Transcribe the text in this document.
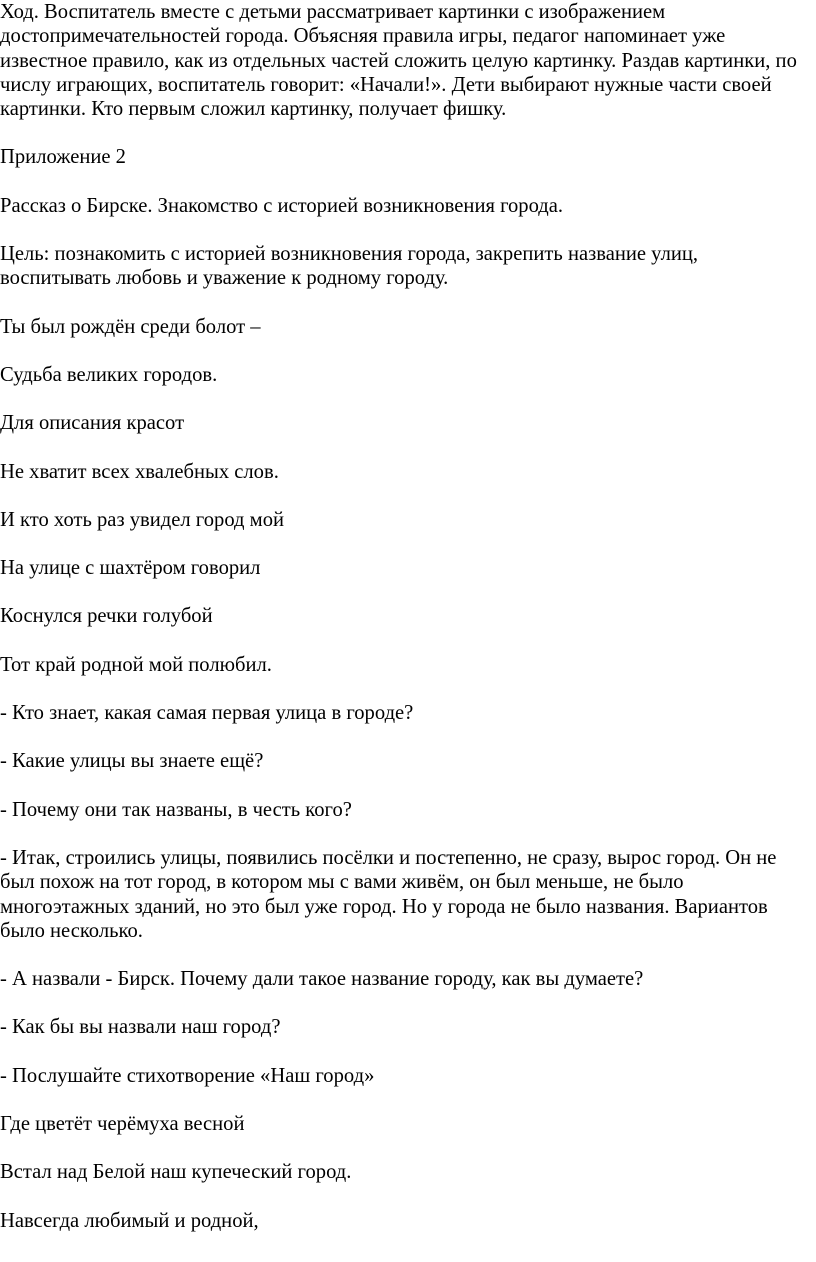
Ход. Воспитатель вместе с детьми рассматривает картинки с изображением достопримечательностей города. Объясняя правила игры, педагог напоминает уже известное правило, как из отдельных частей сложить целую картинку. Раздав картинки, по числу играющих, воспитатель говорит: «Начали!». Дети выбирают нужные части своей картинки. Кто первым сложил картинку, получает фишку.

Приложение 2

Рассказ о Бирске. Знакомство с историей возникновения города.

Цель: познакомить с историей возникновения города, закрепить название улиц, воспитывать любовь и уважение к родному городу.

Ты был рождён среди болот –

Судьба великих городов.

Для описания красот

Не хватит всех хвалебных слов.

И кто хоть раз увидел город мой

На улице с шахтёром говорил

Коснулся речки голубой

Тот край родной мой полюбил.

- Кто знает, какая самая первая улица в городе?

- Какие улицы вы знаете ещё?

- Почему они так названы, в честь кого?

- Итак, строились улицы, появились посёлки и постепенно, не сразу, вырос город. Он не был похож на тот город, в котором мы с вами живём, он был меньше, не было многоэтажных зданий, но это был уже город. Но у города не было названия. Вариантов было несколько.

- А назвали - Бирск. Почему дали такое название городу, как вы думаете?

- Как бы вы назвали наш город?

- Послушайте стихотворение «Наш город»

Где цветёт черёмуха весной

Встал над Белой наш купеческий город.

Навсегда любимый и родной,
